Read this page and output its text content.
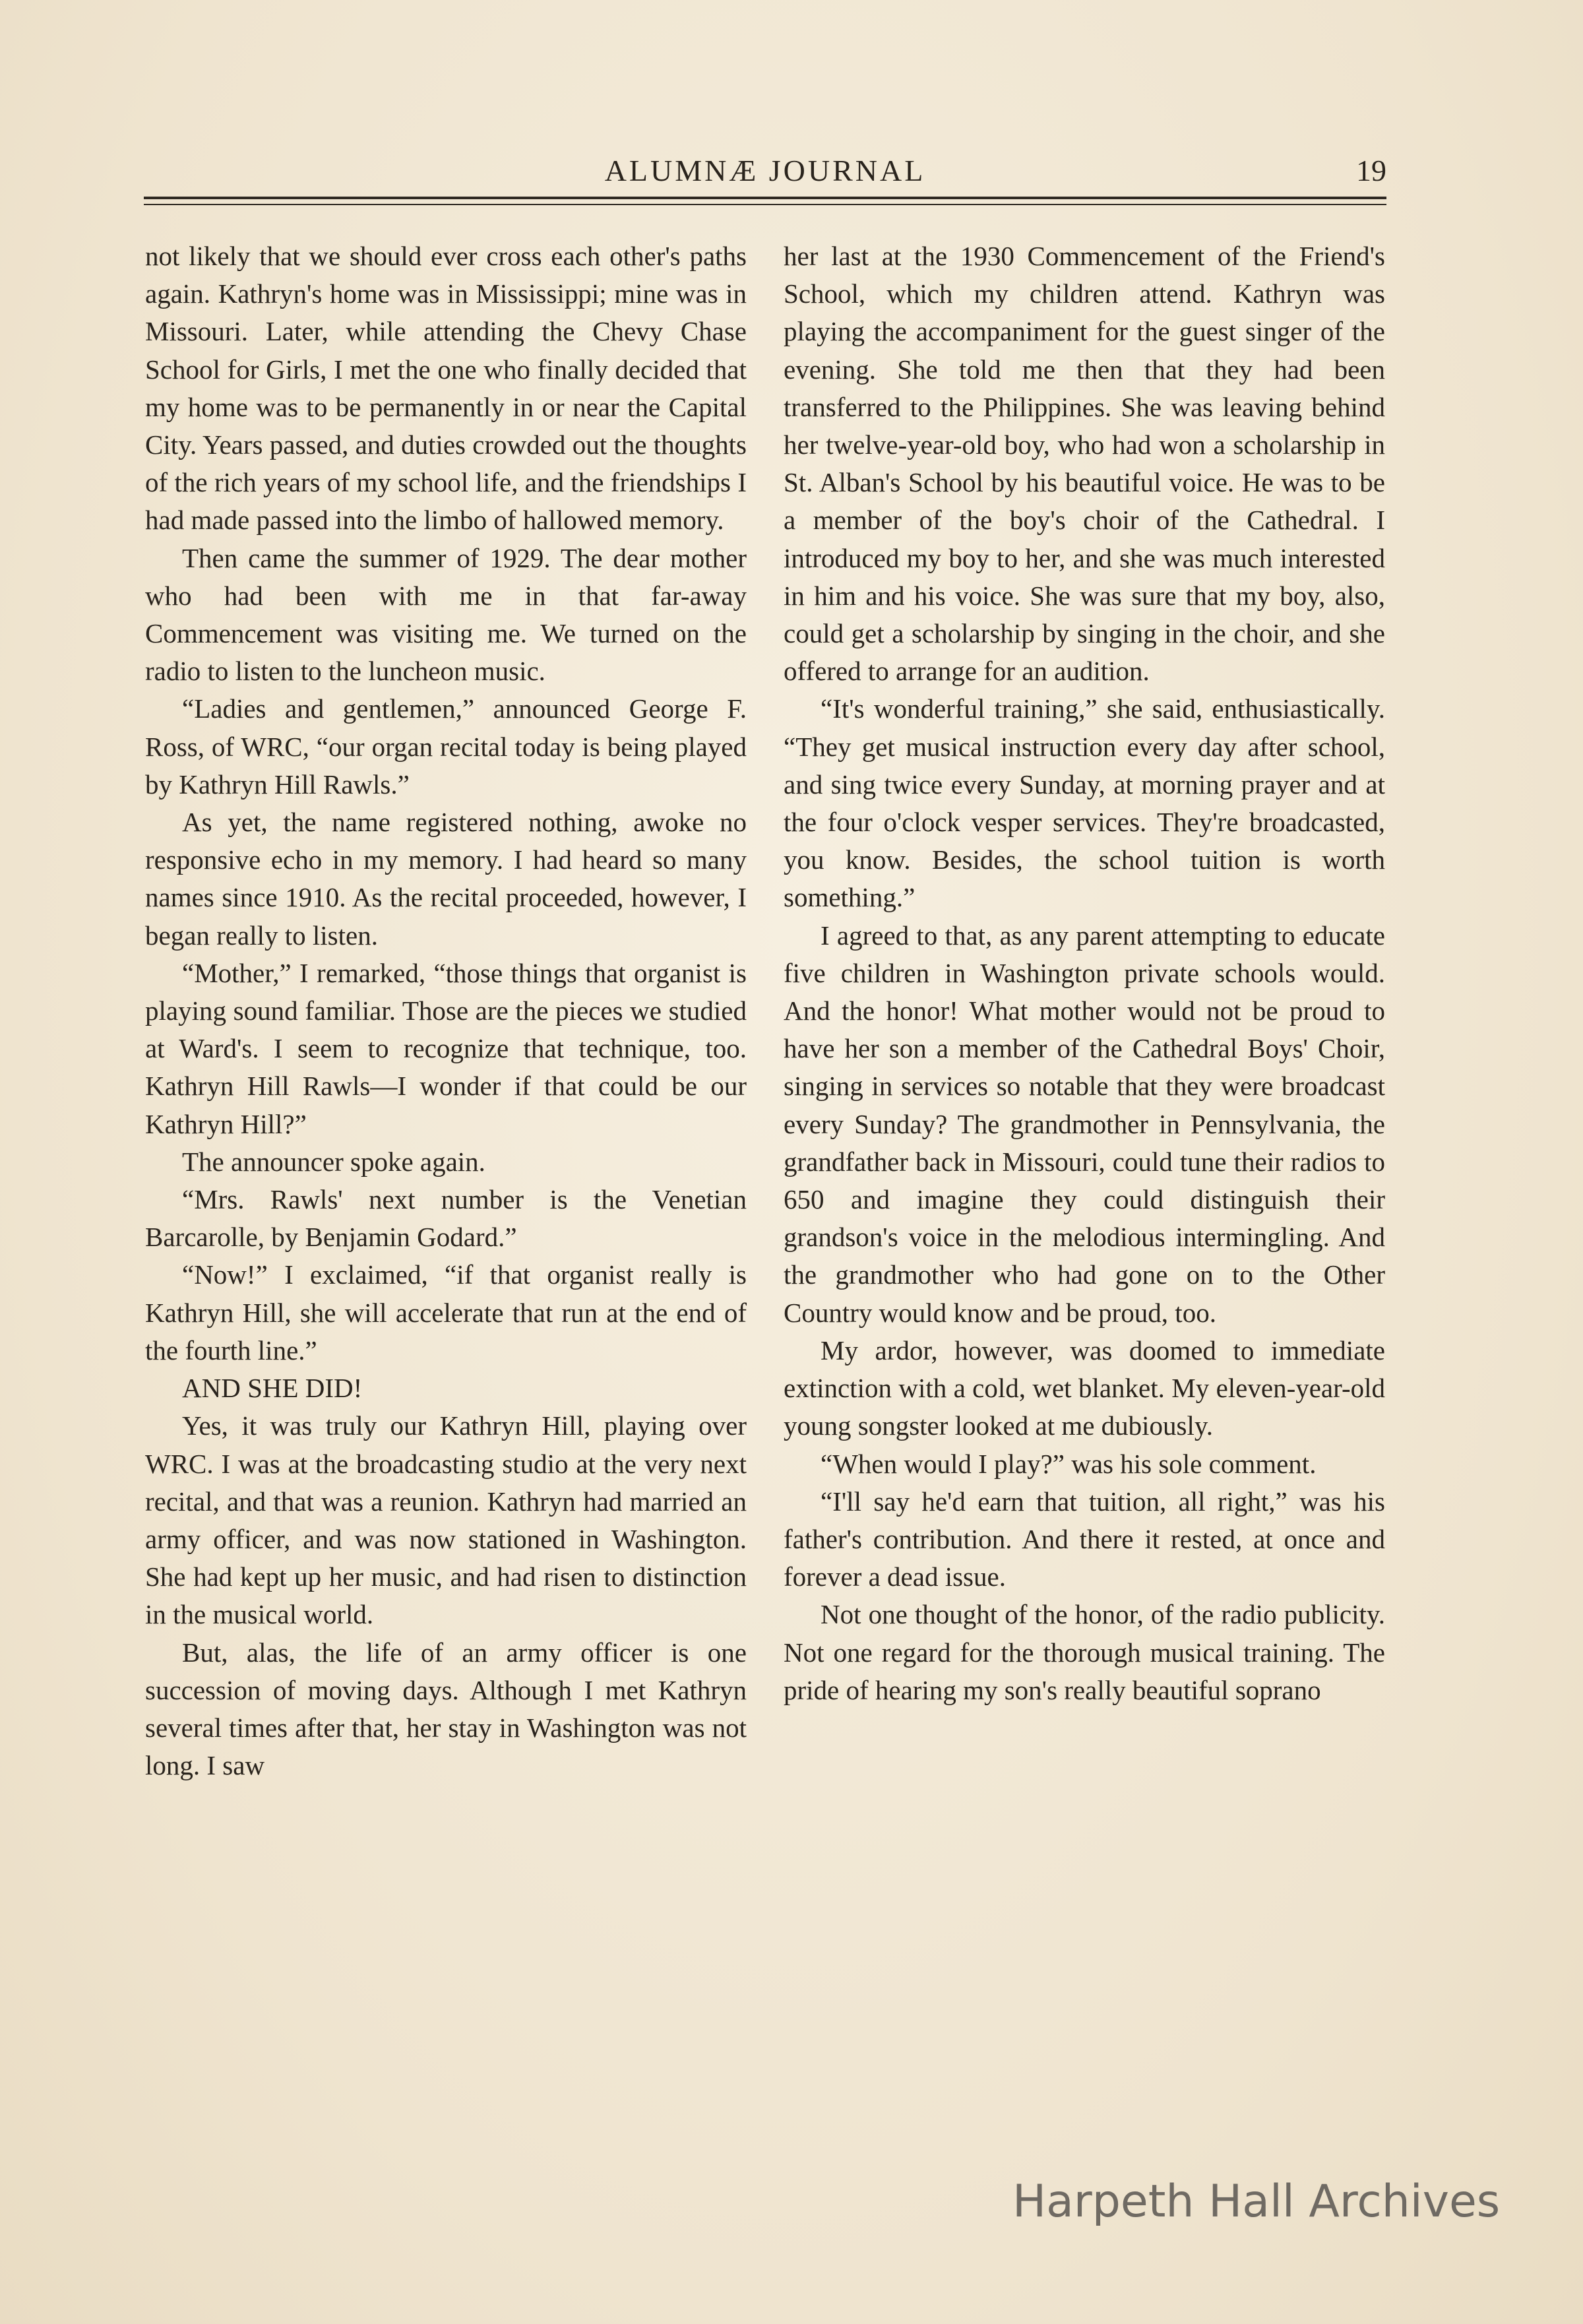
ALUMNÆ JOURNAL	19

not likely that we should ever cross each other's paths again. Kathryn's home was in Mississippi; mine was in Missouri. Later, while attending the Chevy Chase School for Girls, I met the one who finally decided that my home was to be permanently in or near the Capital City. Years passed, and duties crowded out the thoughts of the rich years of my school life, and the friendships I had made passed into the limbo of hallowed memory.

Then came the summer of 1929. The dear mother who had been with me in that far-away Commencement was visiting me. We turned on the radio to listen to the luncheon music.

“Ladies and gentlemen,” announced George F. Ross, of WRC, “our organ recital today is being played by Kathryn Hill Rawls.”

As yet, the name registered nothing, awoke no responsive echo in my memory. I had heard so many names since 1910. As the recital proceeded, however, I began really to listen.

“Mother,” I remarked, “those things that organist is playing sound familiar. Those are the pieces we studied at Ward's. I seem to recognize that technique, too. Kathryn Hill Rawls—I wonder if that could be our Kathryn Hill?”

The announcer spoke again.

“Mrs. Rawls' next number is the Venetian Barcarolle, by Benjamin Godard.”

“Now!” I exclaimed, “if that organist really is Kathryn Hill, she will accelerate that run at the end of the fourth line.”

AND SHE DID!

Yes, it was truly our Kathryn Hill, playing over WRC. I was at the broadcasting studio at the very next recital, and that was a reunion. Kathryn had married an army officer, and was now stationed in Washington. She had kept up her music, and had risen to distinction in the musical world.

But, alas, the life of an army officer is one succession of moving days. Although I met Kathryn several times after that, her stay in Washington was not long. I saw

her last at the 1930 Commencement of the Friend's School, which my children attend. Kathryn was playing the accompaniment for the guest singer of the evening. She told me then that they had been transferred to the Philippines. She was leaving behind her twelve-year-old boy, who had won a scholarship in St. Alban's School by his beautiful voice. He was to be a member of the boy's choir of the Cathedral. I introduced my boy to her, and she was much interested in him and his voice. She was sure that my boy, also, could get a scholarship by singing in the choir, and she offered to arrange for an audition.

“It's wonderful training,” she said, enthusiastically. “They get musical instruction every day after school, and sing twice every Sunday, at morning prayer and at the four o'clock vesper services. They're broadcasted, you know. Besides, the school tuition is worth something.”

I agreed to that, as any parent attempting to educate five children in Washington private schools would. And the honor! What mother would not be proud to have her son a member of the Cathedral Boys' Choir, singing in services so notable that they were broadcast every Sunday? The grandmother in Pennsylvania, the grandfather back in Missouri, could tune their radios to 650 and imagine they could distinguish their grandson's voice in the melodious intermingling. And the grandmother who had gone on to the Other Country would know and be proud, too.

My ardor, however, was doomed to immediate extinction with a cold, wet blanket. My eleven-year-old young songster looked at me dubiously.

“When would I play?” was his sole comment.

“I'll say he'd earn that tuition, all right,” was his father's contribution. And there it rested, at once and forever a dead issue.

Not one thought of the honor, of the radio publicity. Not one regard for the thorough musical training. The pride of hearing my son's really beautiful soprano

Harpeth Hall Archives
